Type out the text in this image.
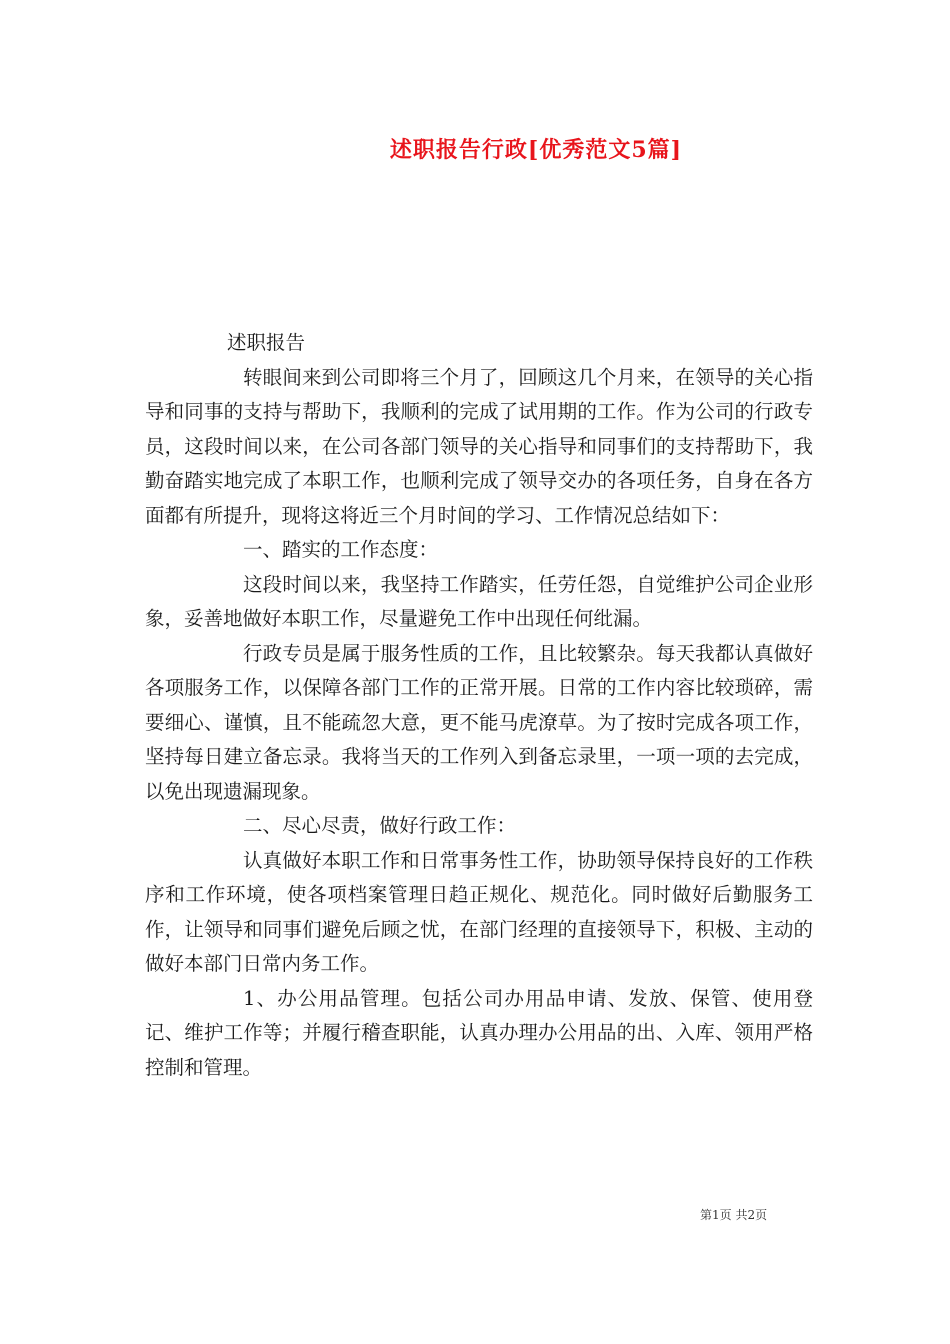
述职报告行政[优秀范文5篇]

述职报告

转眼间来到公司即将三个月了，回顾这几个月来，在领导的关心指导和同事的支持与帮助下，我顺利的完成了试用期的工作。作为公司的行政专员，这段时间以来，在公司各部门领导的关心指导和同事们的支持帮助下，我勤奋踏实地完成了本职工作，也顺利完成了领导交办的各项任务，自身在各方面都有所提升，现将这将近三个月时间的学习、工作情况总结如下：

一、踏实的工作态度：

这段时间以来，我坚持工作踏实，任劳任怨，自觉维护公司企业形象，妥善地做好本职工作，尽量避免工作中出现任何纰漏。

行政专员是属于服务性质的工作，且比较繁杂。每天我都认真做好各项服务工作，以保障各部门工作的正常开展。日常的工作内容比较琐碎，需要细心、谨慎，且不能疏忽大意，更不能马虎潦草。为了按时完成各项工作，坚持每日建立备忘录。我将当天的工作列入到备忘录里，一项一项的去完成，以免出现遗漏现象。

二、尽心尽责，做好行政工作：

认真做好本职工作和日常事务性工作，协助领导保持良好的工作秩序和工作环境，使各项档案管理日趋正规化、规范化。同时做好后勤服务工作，让领导和同事们避免后顾之忧，在部门经理的直接领导下，积极、主动的做好本部门日常内务工作。

1、办公用品管理。包括公司办用品申请、发放、保管、使用登记、维护工作等；并履行稽查职能，认真办理办公用品的出、入库、领用严格控制和管理。

第1页 共2页
